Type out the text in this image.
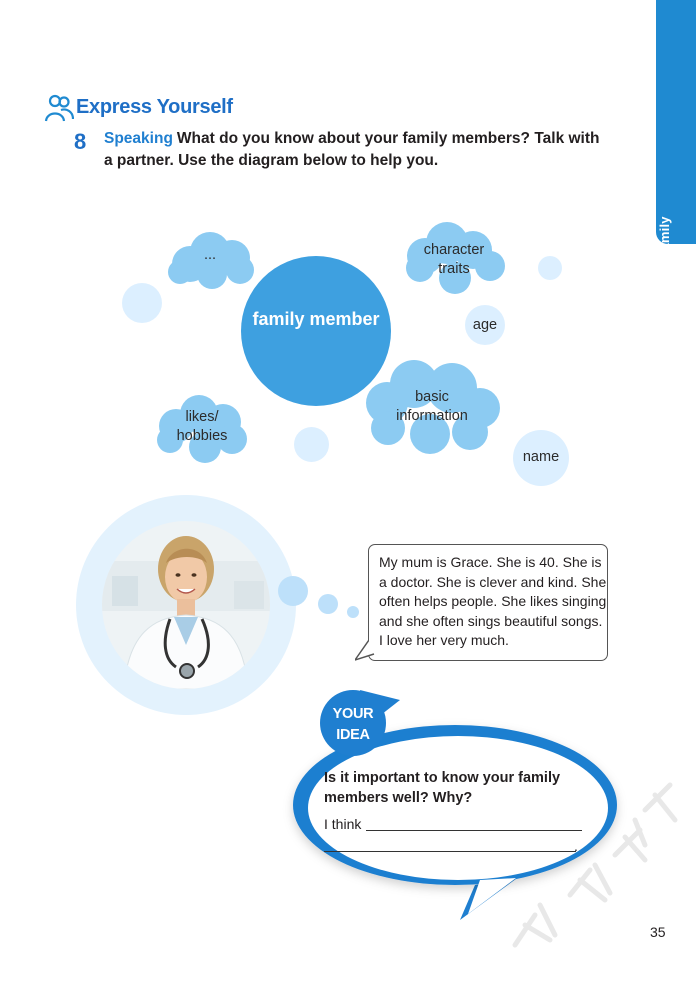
Unit 1Family
Express Yourself
8 Speaking What do you know about your family members? Talk with a partner. Use the diagram below to help you.
family member
...	character traits
likes/ hobbies
basic information
age
name
My mum is Grace. She is 40. She is a doctor. She is clever and kind. She often helps people. She likes singing and she often sings beautiful songs. I love her very much.
YOUR IDEA
Is it important to know your family members well? Why?
I think
.
35
